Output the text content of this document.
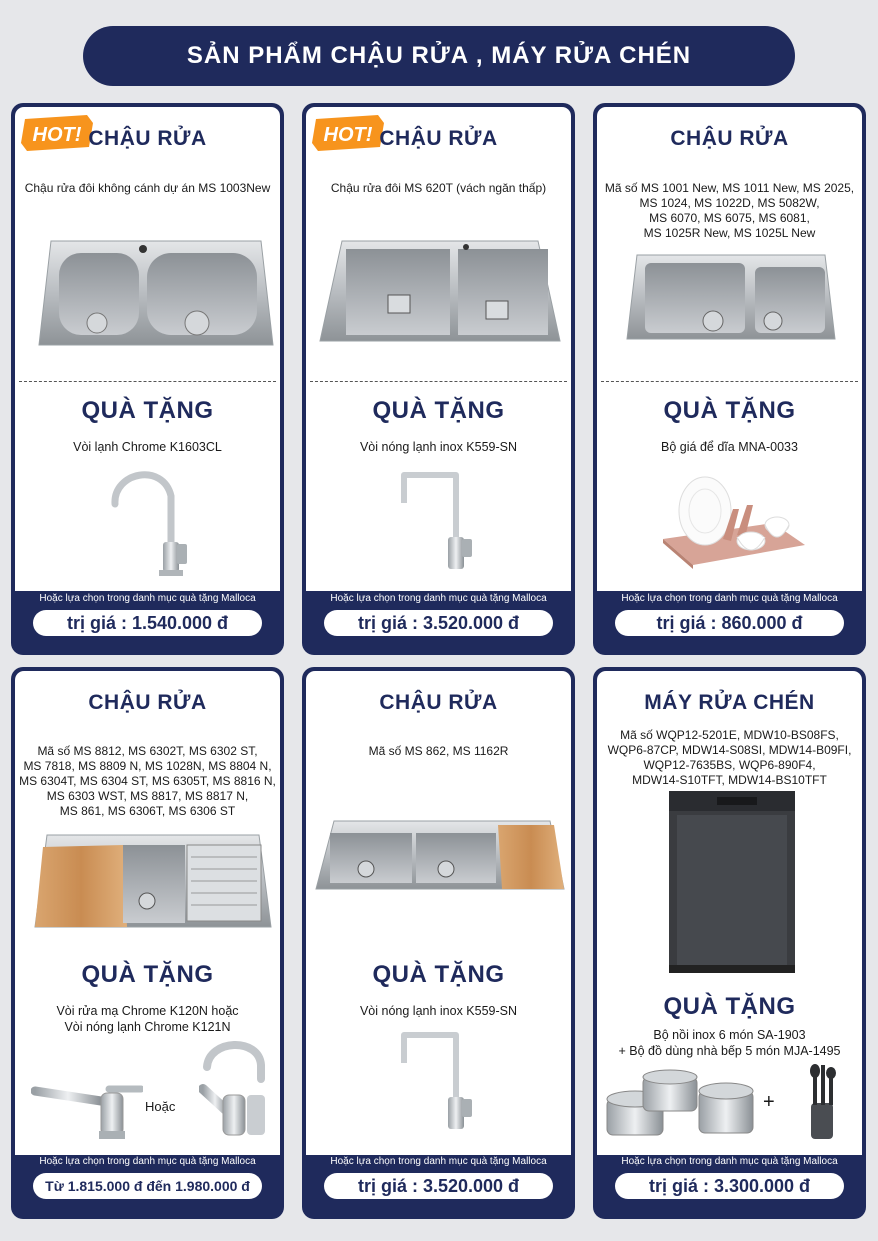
SẢN PHẨM CHẬU RỬA , MÁY RỬA CHÉN
HOT! CHẬU RỬA
Chậu rửa đôi không cánh dự án MS 1003New
QUÀ TẶNG
Vòi lạnh Chrome K1603CL
Hoặc lựa chọn trong danh mục quà tặng Malloca
trị giá : 1.540.000 đ
HOT! CHẬU RỬA
Chậu rửa đôi MS 620T (vách ngăn thấp)
QUÀ TẶNG
Vòi nóng lạnh inox K559-SN
Hoặc lựa chọn trong danh mục quà tặng Malloca
trị giá : 3.520.000 đ
CHẬU RỬA
Mã số MS 1001 New, MS 1011 New, MS 2025,
MS 1024, MS 1022D, MS 5082W,
MS 6070, MS 6075, MS 6081,
MS 1025R New, MS 1025L New
QUÀ TẶNG
Bộ giá để dĩa MNA-0033
Hoặc lựa chọn trong danh mục quà tặng Malloca
trị giá : 860.000 đ
CHẬU RỬA
Mã số MS 8812, MS 6302T, MS 6302 ST,
MS 7818, MS 8809 N, MS 1028N, MS 8804 N,
MS 6304T, MS 6304 ST, MS 6305T, MS 8816 N,
MS 6303 WST, MS 8817, MS 8817 N,
MS 861, MS 6306T, MS 6306 ST
QUÀ TẶNG
Vòi rửa mạ Chrome K120N hoặc
Vòi nóng lạnh Chrome K121N
Hoặc
Hoặc lựa chọn trong danh mục quà tặng Malloca
Từ 1.815.000 đ đến 1.980.000 đ
CHẬU RỬA
Mã số MS 862, MS 1162R
QUÀ TẶNG
Vòi nóng lạnh inox K559-SN
Hoặc lựa chọn trong danh mục quà tặng Malloca
trị giá : 3.520.000 đ
MÁY RỬA CHÉN
Mã số WQP12-5201E, MDW10-BS08FS,
WQP6-87CP, MDW14-S08SI, MDW14-B09FI,
WQP12-7635BS, WQP6-890F4,
MDW14-S10TFT, MDW14-BS10TFT
QUÀ TẶNG
Bộ nồi inox 6 món SA-1903
+ Bộ đồ dùng nhà bếp 5 món MJA-1495
+
Hoặc lựa chọn trong danh mục quà tặng Malloca
trị giá : 3.300.000 đ
